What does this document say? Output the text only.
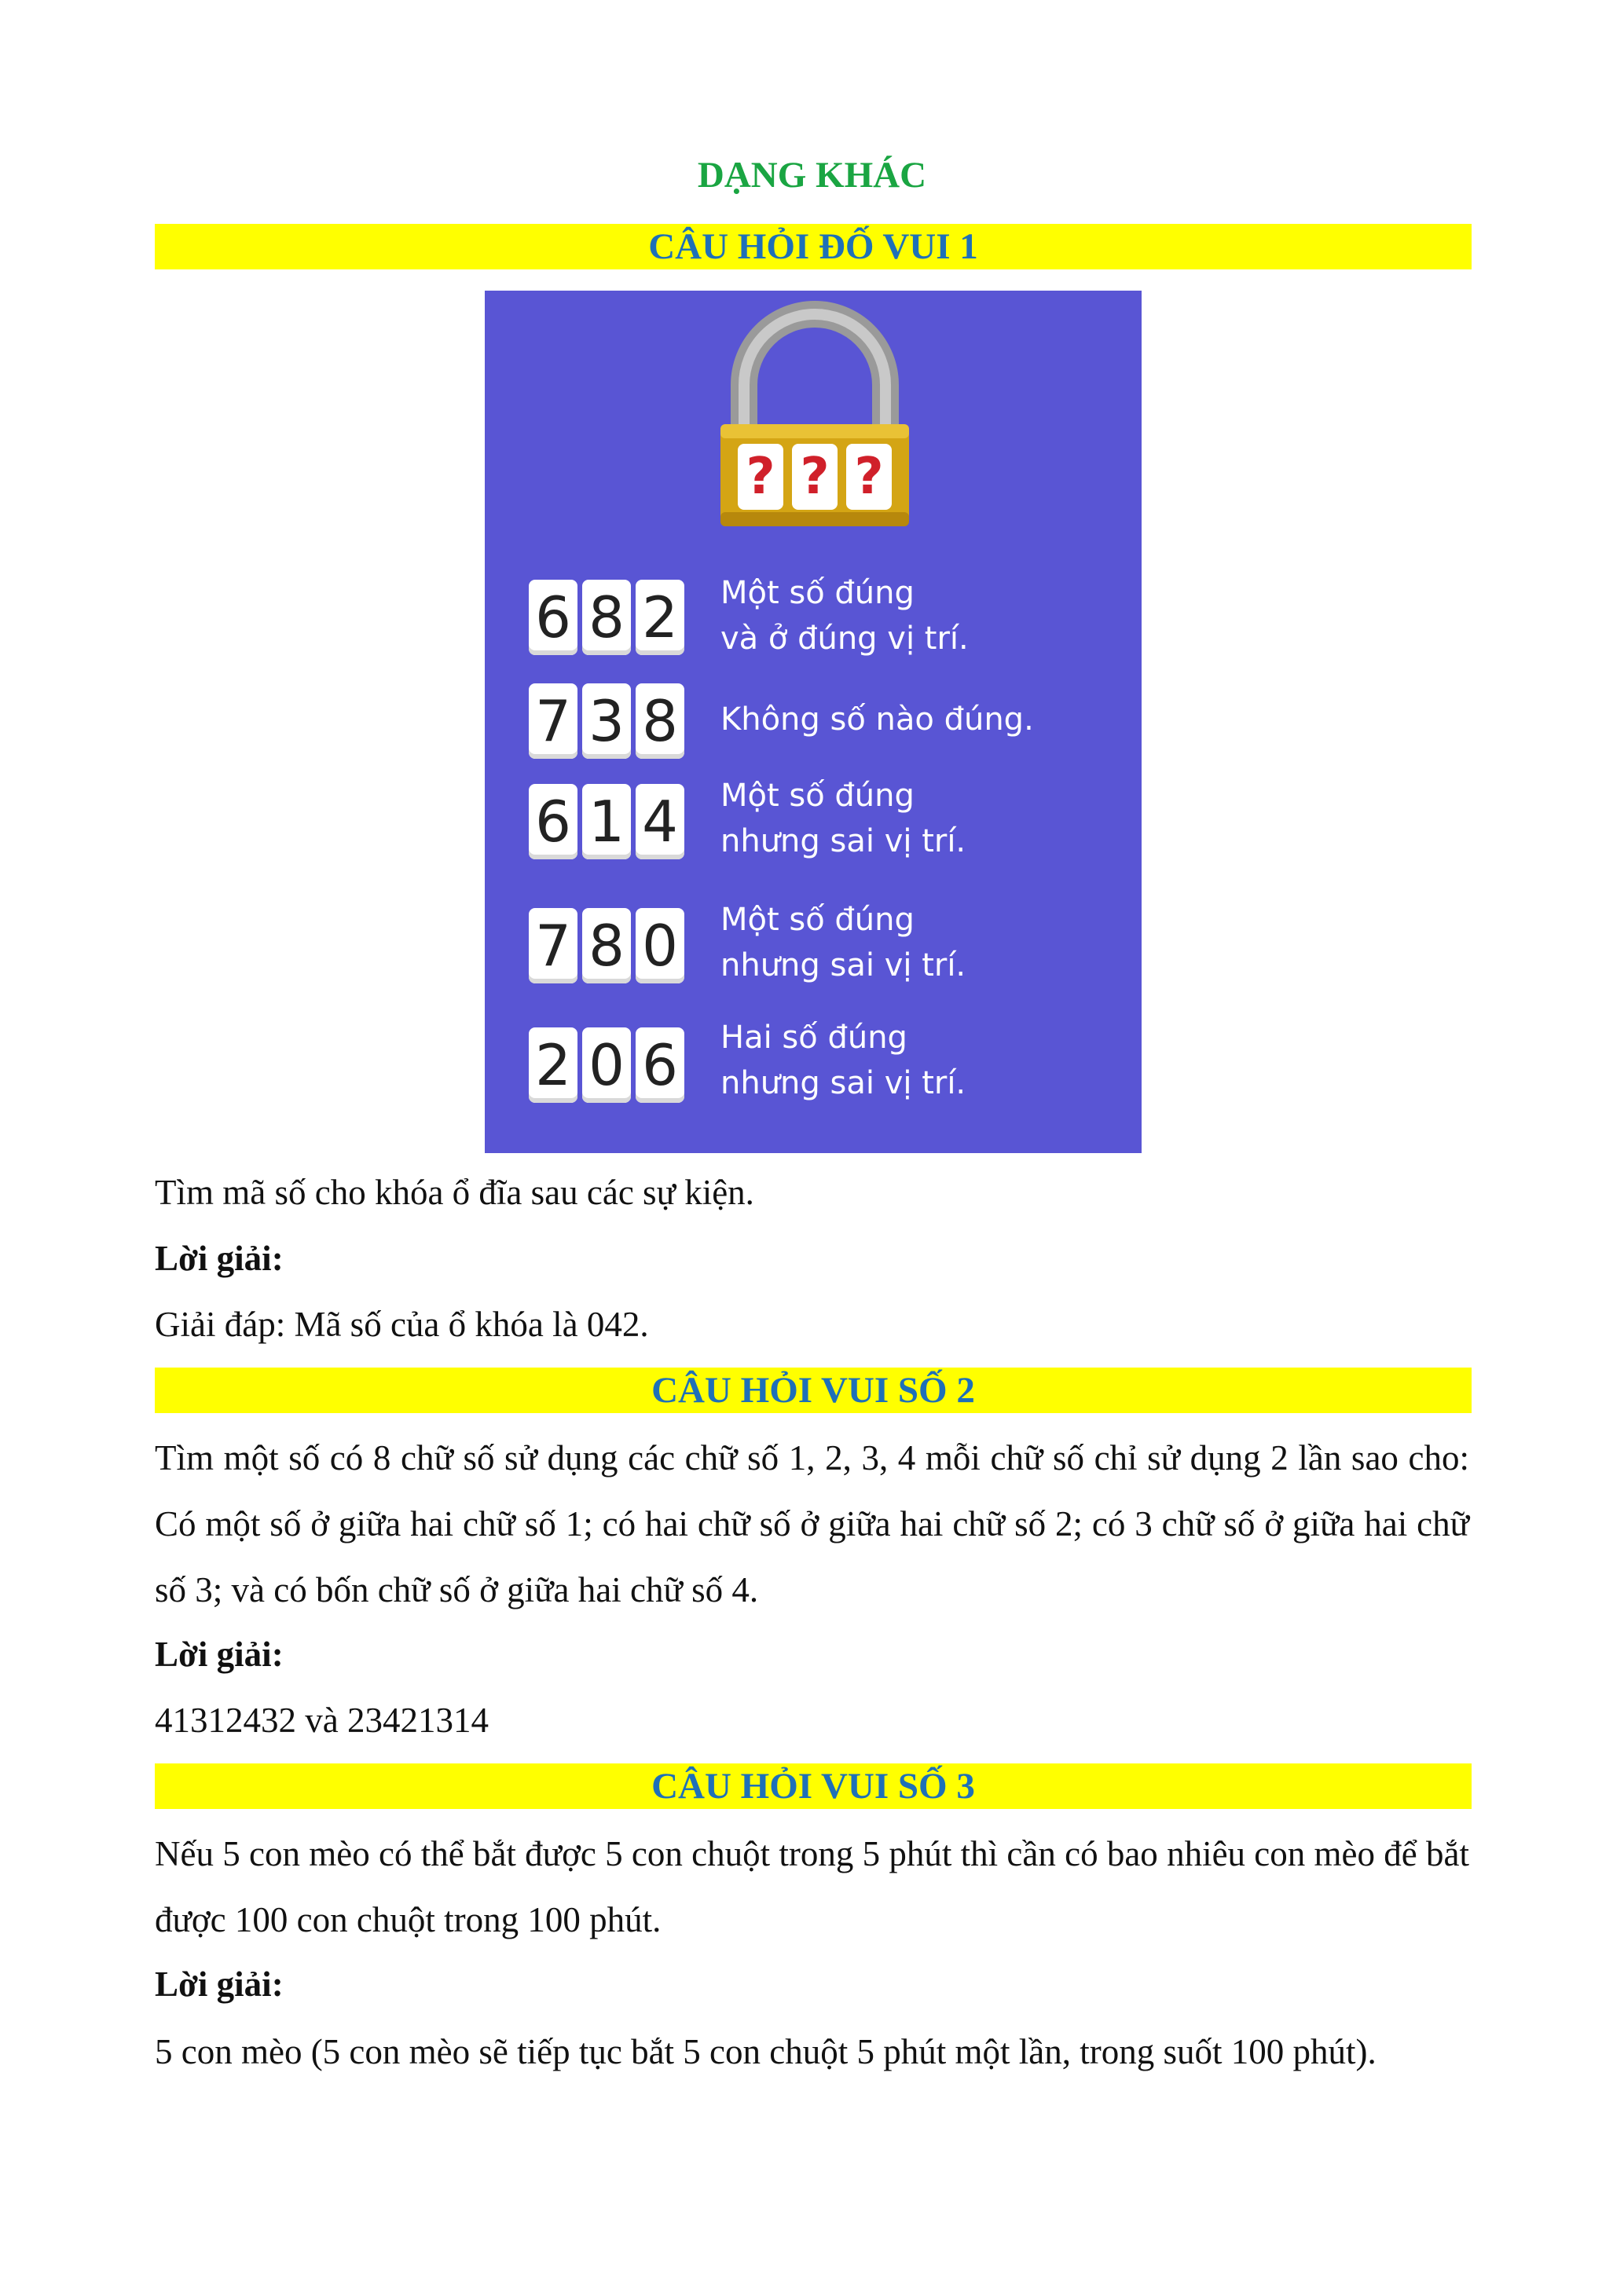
DẠNG KHÁC
CÂU HỎI ĐỐ VUI 1
? ? ?
6 8 2 Một số đúng
và ở đúng vị trí.
7 3 8 Không số nào đúng.
6 1 4 Một số đúng
nhưng sai vị trí.
7 8 0 Một số đúng
nhưng sai vị trí.
2 0 6 Hai số đúng
nhưng sai vị trí.
Tìm mã số cho khóa ổ đĩa sau các sự kiện.
Lời giải:
Giải đáp: Mã số của ổ khóa là 042.
CÂU HỎI VUI SỐ 2
Tìm một số có 8 chữ số sử dụng các chữ số 1, 2, 3, 4 mỗi chữ số chỉ sử dụng 2 lần sao cho: Có một số ở giữa hai chữ số 1; có hai chữ số ở giữa hai chữ số 2; có 3 chữ số ở giữa hai chữ số 3; và có bốn chữ số ở giữa hai chữ số 4.
Lời giải:
41312432 và 23421314
CÂU HỎI VUI SỐ 3
Nếu 5 con mèo có thể bắt được 5 con chuột trong 5 phút thì cần có bao nhiêu con mèo để bắt được 100 con chuột trong 100 phút.
Lời giải:
5 con mèo (5 con mèo sẽ tiếp tục bắt 5 con chuột 5 phút một lần, trong suốt 100 phút).
